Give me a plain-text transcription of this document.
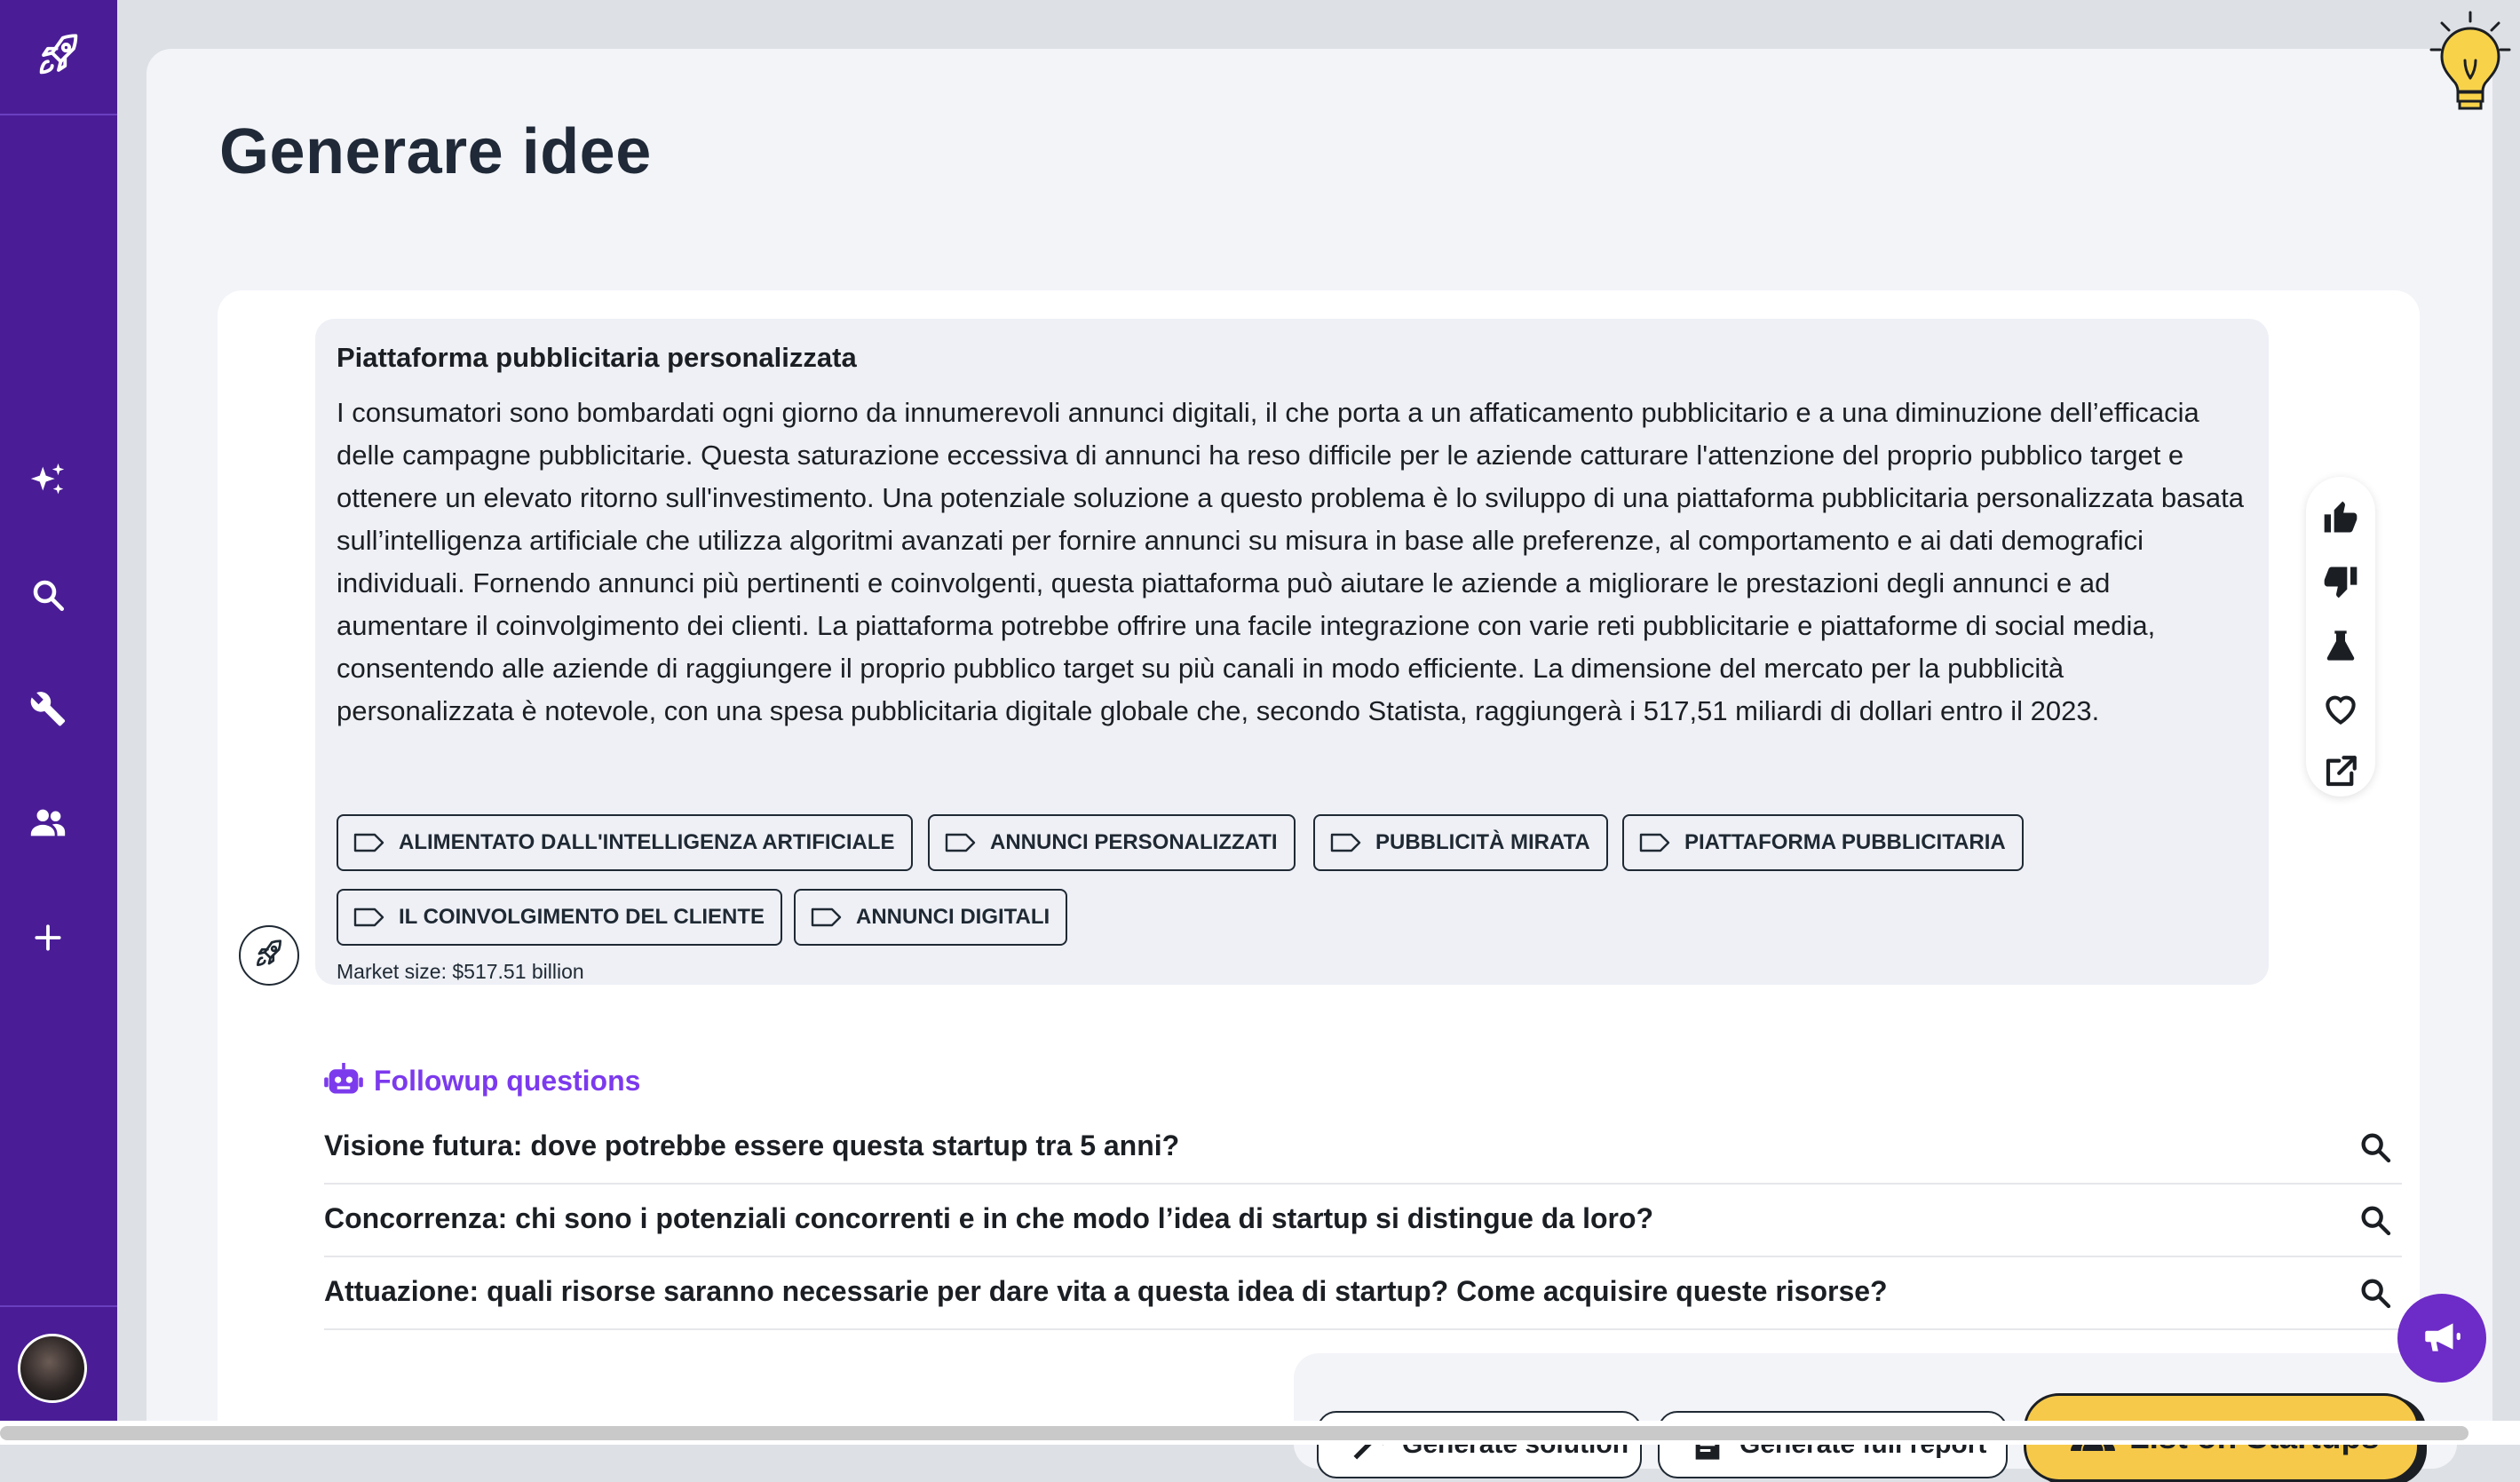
Generare idee
Piattaforma pubblicitaria personalizzata

I consumatori sono bombardati ogni giorno da innumerevoli annunci digitali, il che porta a un affaticamento pubblicitario e a una diminuzione dell’efficacia delle campagne pubblicitarie. Questa saturazione eccessiva di annunci ha reso difficile per le aziende catturare l'attenzione del proprio pubblico target e ottenere un elevato ritorno sull'investimento. Una potenziale soluzione a questo problema è lo sviluppo di una piattaforma pubblicitaria personalizzata basata sull’intelligenza artificiale che utilizza algoritmi avanzati per fornire annunci su misura in base alle preferenze, al comportamento e ai dati demografici individuali. Fornendo annunci più pertinenti e coinvolgenti, questa piattaforma può aiutare le aziende a migliorare le prestazioni degli annunci e ad aumentare il coinvolgimento dei clienti. La piattaforma potrebbe offrire una facile integrazione con varie reti pubblicitarie e piattaforme di social media, consentendo alle aziende di raggiungere il proprio pubblico target su più canali in modo efficiente. La dimensione del mercato per la pubblicità personalizzata è notevole, con una spesa pubblicitaria digitale globale che, secondo Statista, raggiungerà i 517,51 miliardi di dollari entro il 2023.

ALIMENTATO DALL'INTELLIGENZA ARTIFICIALE	ANNUNCI PERSONALIZZATI	PUBBLICITÀ MIRATA	PIATTAFORMA PUBBLICITARIA
IL COINVOLGIMENTO DEL CLIENTE	ANNUNCI DIGITALI
Market size: $517.51 billion
Followup questions
Visione futura: dove potrebbe essere questa startup tra 5 anni?
Concorrenza: chi sono i potenziali concorrenti e in che modo l’idea di startup si distingue da loro?
Attuazione: quali risorse saranno necessarie per dare vita a questa idea di startup? Come acquisire queste risorse?
